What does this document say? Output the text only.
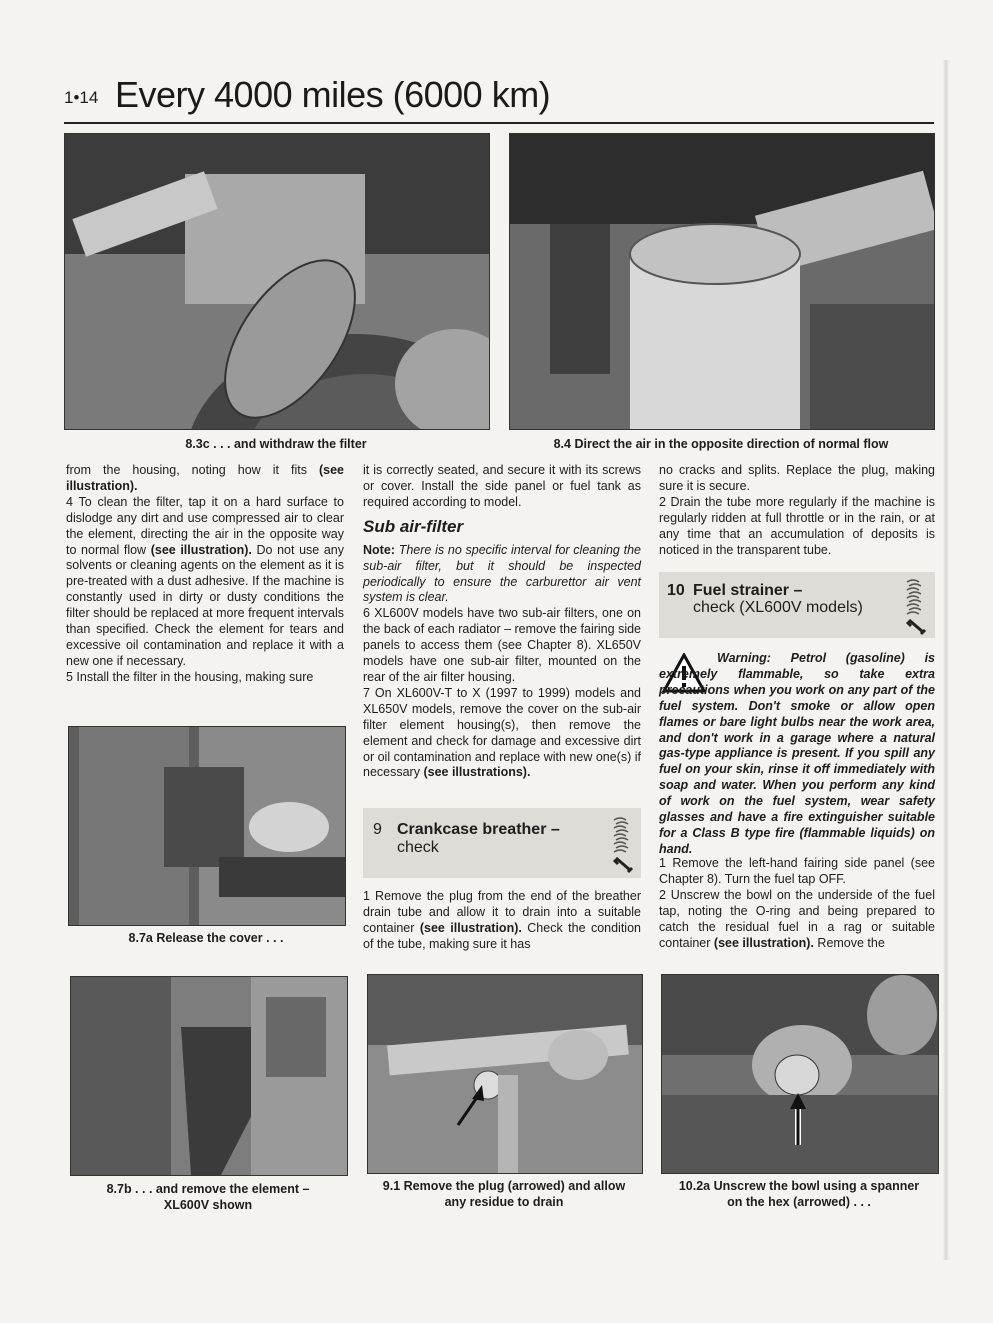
1•14 Every 4000 miles (6000 km)
8.3c . . . and withdraw the filter	8.4 Direct the air in the opposite direction of normal flow

from the housing, noting how it fits (see illustration).

4 To clean the filter, tap it on a hard surface to dislodge any dirt and use compressed air to clear the element, directing the air in the opposite way to normal flow (see illustration). Do not use any solvents or cleaning agents on the element as it is pre-treated with a dust adhesive. If the machine is constantly used in dirty or dusty conditions the filter should be replaced at more frequent intervals than specified. Check the element for tears and excessive oil contamination and replace it with a new one if necessary.

5 Install the filter in the housing, making sure

8.7a Release the cover . . .

it is correctly seated, and secure it with its screws or cover. Install the side panel or fuel tank as required according to model.

Sub air-filter

Note: There is no specific interval for cleaning the sub-air filter, but it should be inspected periodically to ensure the carburettor air vent system is clear.

6 XL600V models have two sub-air filters, one on the back of each radiator – remove the fairing side panels to access them (see Chapter 8). XL650V models have one sub-air filter, mounted on the rear of the air filter housing.

7 On XL600V-T to X (1997 to 1999) models and XL650V models, remove the cover on the sub-air filter element housing(s), then remove the element and check for damage and excessive dirt or oil contamination and replace with new one(s) if necessary (see illustrations).

9 Crankcase breather –
check

1 Remove the plug from the end of the breather drain tube and allow it to drain into a suitable container (see illustration). Check the condition of the tube, making sure it has

no cracks and splits. Replace the plug, making sure it is secure.

2 Drain the tube more regularly if the machine is regularly ridden at full throttle or in the rain, or at any time that an accumulation of deposits is noticed in the transparent tube.

10 Fuel strainer –
check (XL600V models)

Warning: Petrol (gasoline) is extremely flammable, so take extra precautions when you work on any part of the fuel system. Don't smoke or allow open flames or bare light bulbs near the work area, and don't work in a garage where a natural gas-type appliance is present. If you spill any fuel on your skin, rinse it off immediately with soap and water. When you perform any kind of work on the fuel system, wear safety glasses and have a fire extinguisher suitable for a Class B type fire (flammable liquids) on hand.

1 Remove the left-hand fairing side panel (see Chapter 8). Turn the fuel tap OFF.

2 Unscrew the bowl on the underside of the fuel tap, noting the O-ring and being prepared to catch the residual fuel in a rag or suitable container (see illustration). Remove the

8.7b . . . and remove the element –
XL600V shown
9.1 Remove the plug (arrowed) and allow
any residue to drain
10.2a Unscrew the bowl using a spanner
on the hex (arrowed) . . .
